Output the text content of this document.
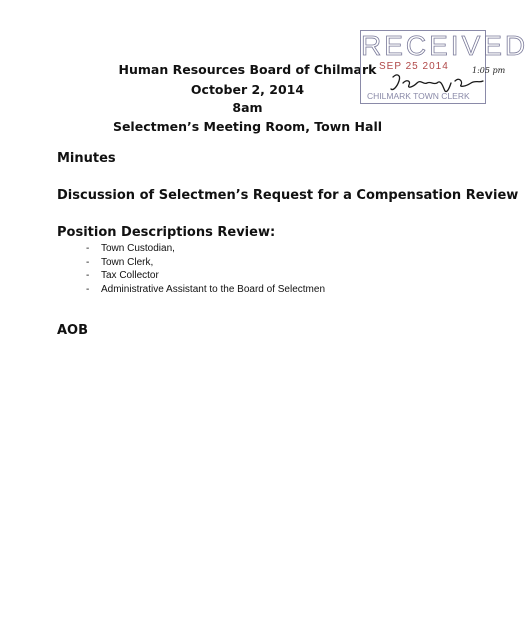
Human Resources Board of Chilmark
October 2, 2014
8am
Selectmen’s Meeting Room, Town Hall
Minutes
Discussion of Selectmen’s Request for a Compensation Review
Position Descriptions Review:
- Town Custodian,
- Town Clerk,
- Tax Collector
- Administrative Assistant to the Board of Selectmen
AOB
RECEIVED
SEP 25 2014
CHILMARK TOWN CLERK
1:05 pm
